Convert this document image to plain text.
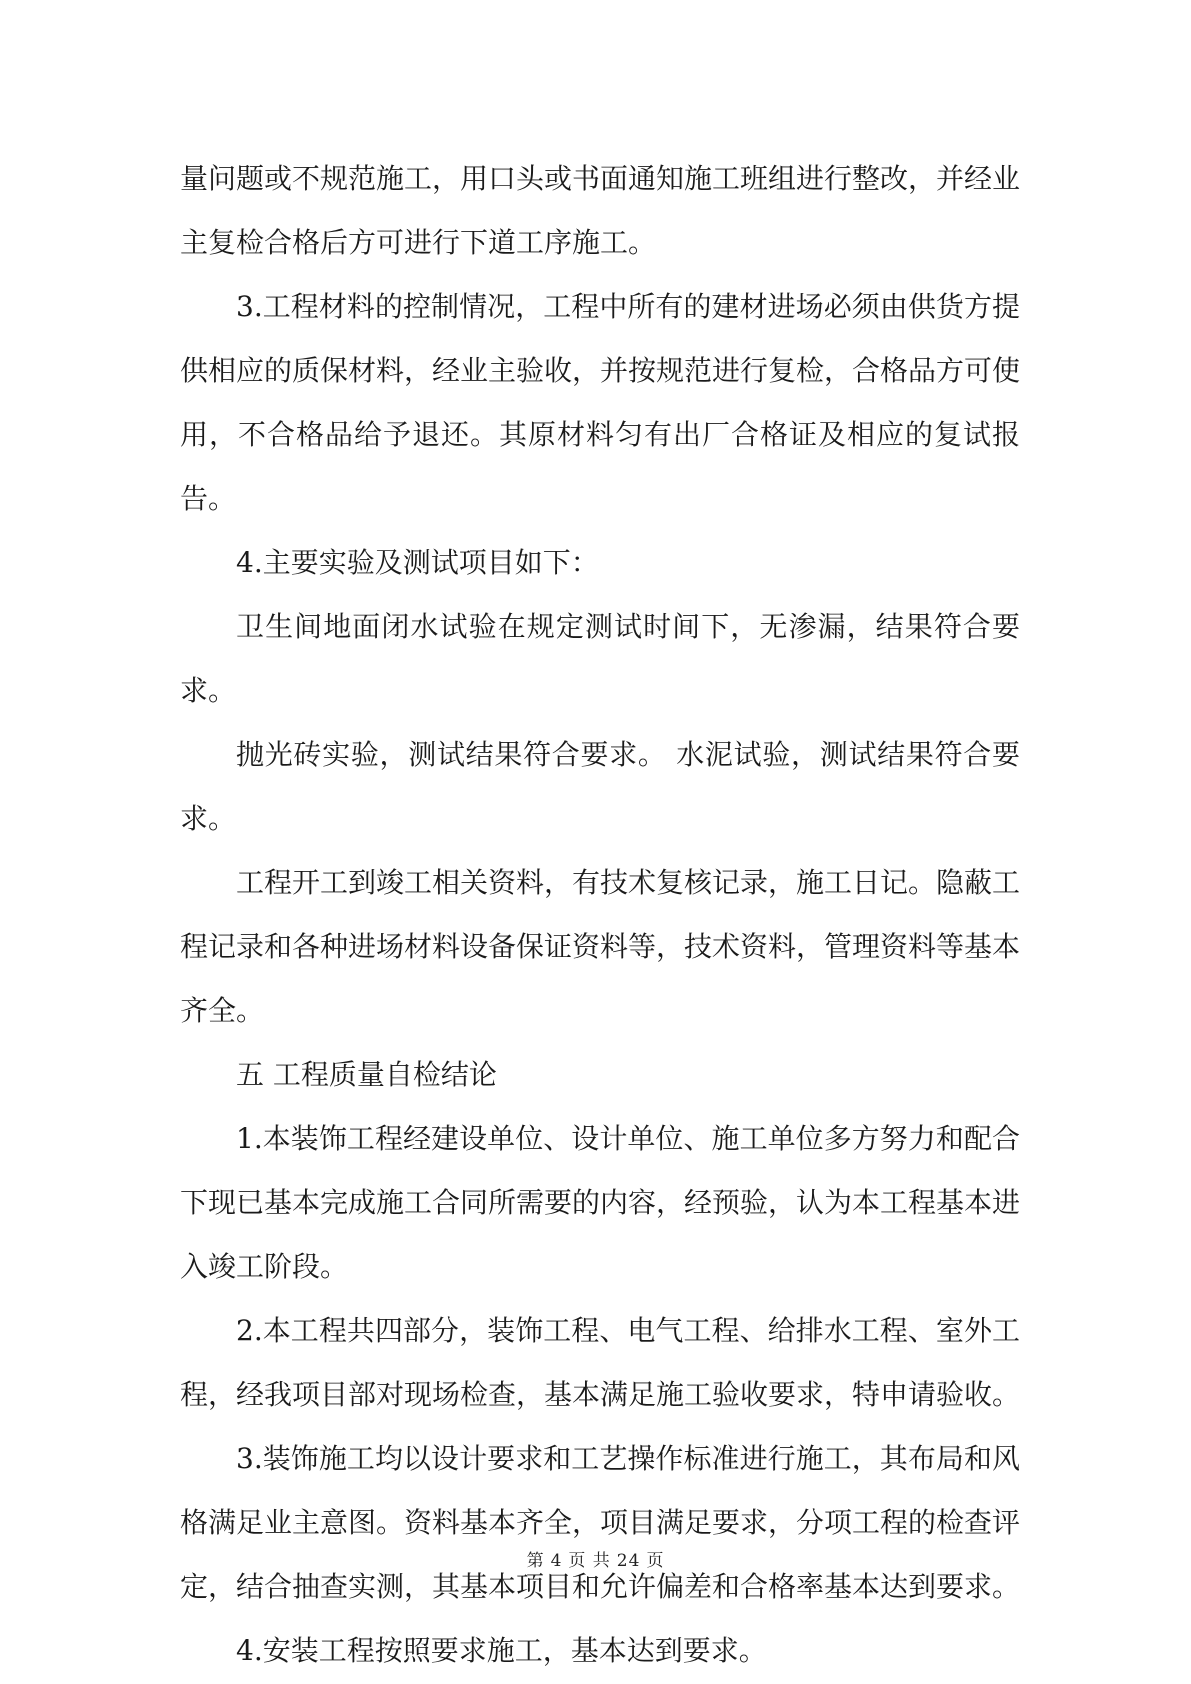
量问题或不规范施工，用口头或书面通知施工班组进行整改，并经业主复检合格后方可进行下道工序施工。

3.工程材料的控制情况，工程中所有的建材进场必须由供货方提供相应的质保材料，经业主验收，并按规范进行复检，合格品方可使用，不合格品给予退还。其原材料匀有出厂合格证及相应的复试报告。

4.主要实验及测试项目如下：

卫生间地面闭水试验在规定测试时间下，无渗漏，结果符合要求。

抛光砖实验，测试结果符合要求。 水泥试验，测试结果符合要求。

工程开工到竣工相关资料，有技术复核记录，施工日记。隐蔽工程记录和各种进场材料设备保证资料等，技术资料，管理资料等基本齐全。

五 工程质量自检结论

1.本装饰工程经建设单位、设计单位、施工单位多方努力和配合下现已基本完成施工合同所需要的内容，经预验，认为本工程基本进入竣工阶段。

2.本工程共四部分，装饰工程、电气工程、给排水工程、室外工程，经我项目部对现场检查，基本满足施工验收要求，特申请验收。

3.装饰施工均以设计要求和工艺操作标准进行施工，其布局和风格满足业主意图。资料基本齐全，项目满足要求，分项工程的检查评定，结合抽查实测，其基本项目和允许偏差和合格率基本达到要求。

4.安装工程按照要求施工，基本达到要求。

第 4 页 共 24 页
